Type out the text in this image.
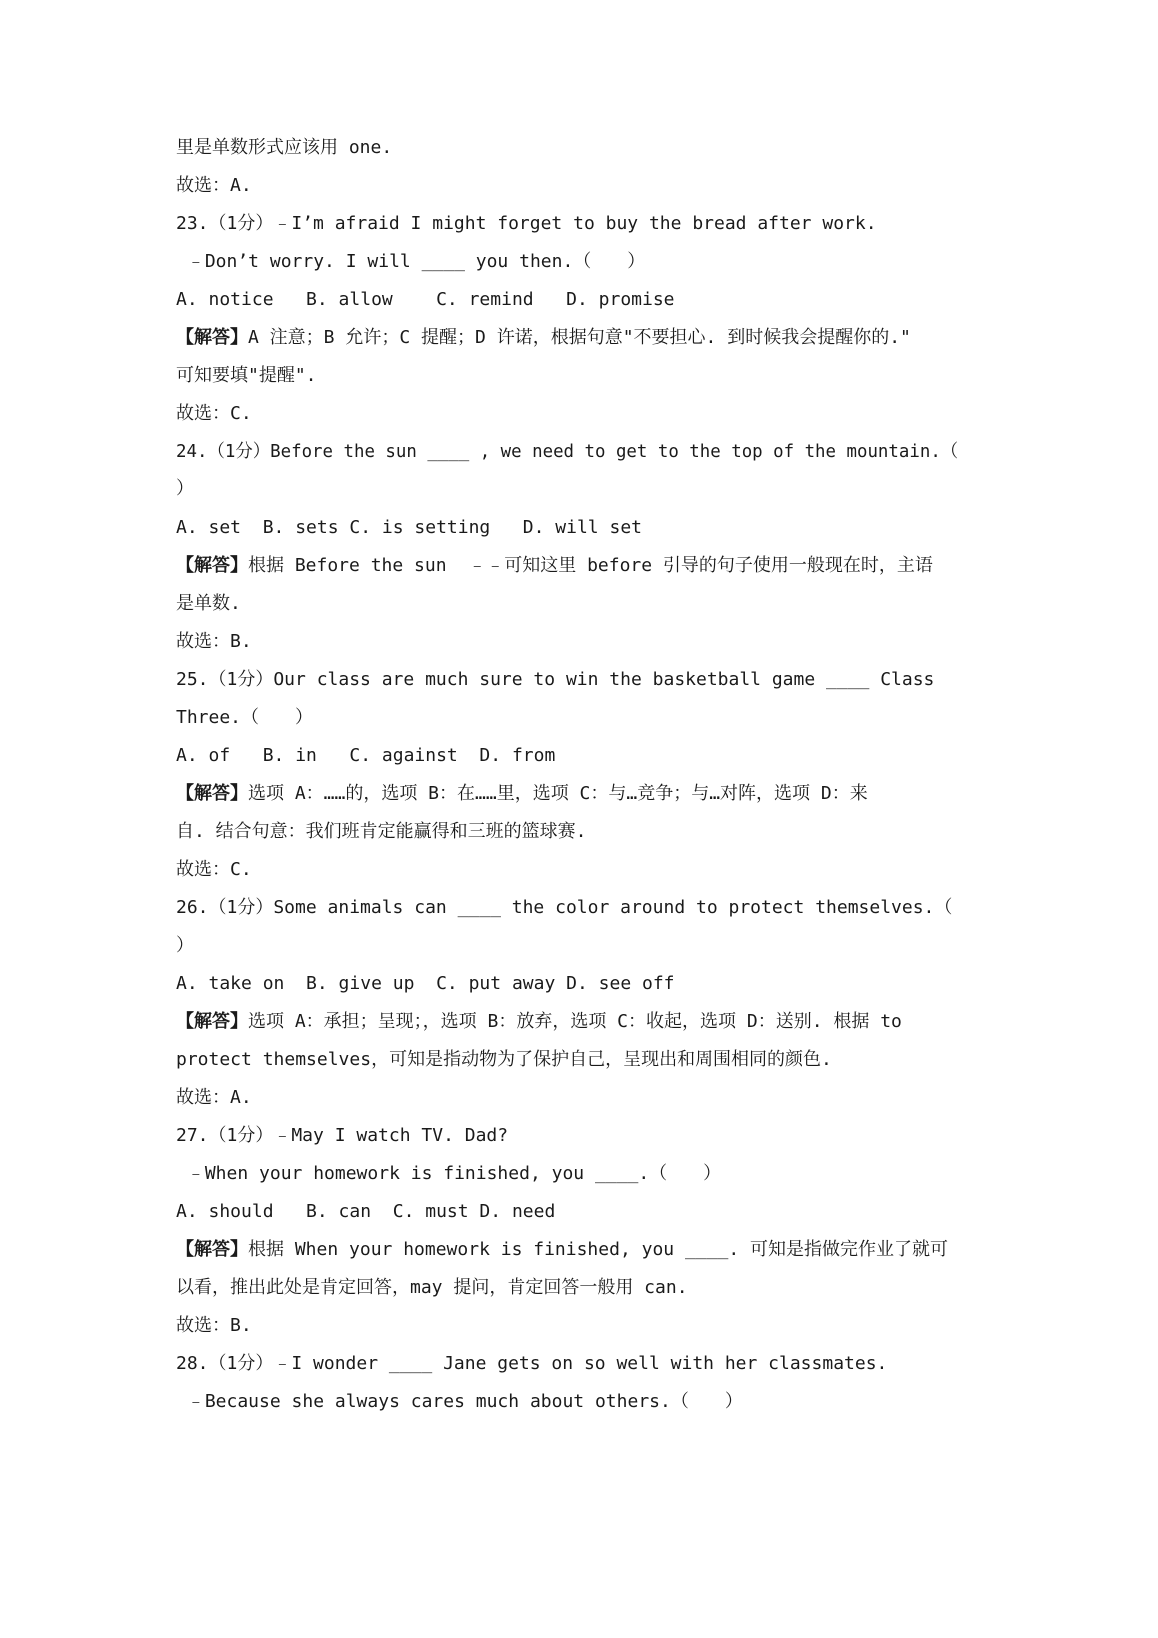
里是单数形式应该用 one.
故选：A.
23.（1分）﹣I’m afraid I might forget to buy the bread after work.
﹣Don’t worry. I will ____ you then.（　　）
A. notice   B. allow    C. remind   D. promise
【解答】A 注意；B 允许；C 提醒；D 许诺，根据句意"不要担心. 到时候我会提醒你的."
可知要填"提醒".
故选：C.
24.（1分）Before the sun ____ , we need to get to the top of the mountain.（
）
A. set  B. sets C. is setting   D. will set
【解答】根据 Before the sun  ﹣﹣可知这里 before 引导的句子使用一般现在时，主语
是单数.
故选：B.
25.（1分）Our class are much sure to win the basketball game ____ Class
Three.（　　）
A. of   B. in   C. against  D. from
【解答】选项 A：……的，选项 B：在……里，选项 C：与…竞争；与…对阵，选项 D：来
自. 结合句意：我们班肯定能赢得和三班的篮球赛.
故选：C.
26.（1分）Some animals can ____ the color around to protect themselves.（
）
A. take on  B. give up  C. put away D. see off
【解答】选项 A：承担；呈现；，选项 B：放弃，选项 C：收起，选项 D：送别. 根据 to
protect themselves，可知是指动物为了保护自己，呈现出和周围相同的颜色.
故选：A.
27.（1分）﹣May I watch TV. Dad?
﹣When your homework is finished, you ____.（　　）
A. should   B. can  C. must D. need
【解答】根据 When your homework is finished, you ____. 可知是指做完作业了就可
以看，推出此处是肯定回答，may 提问，肯定回答一般用 can.
故选：B.
28.（1分）﹣I wonder ____ Jane gets on so well with her classmates.
﹣Because she always cares much about others.（　　）
